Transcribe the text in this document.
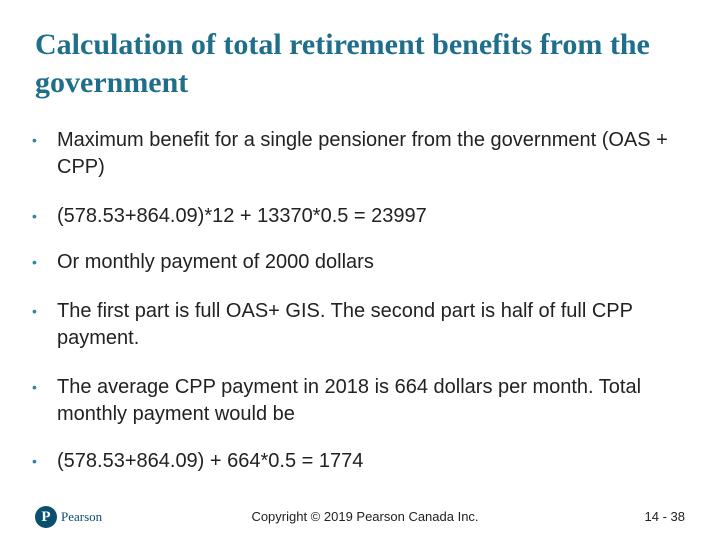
Calculation of total retirement benefits from the government
• Maximum benefit for a single pensioner from the government (OAS + CPP)
• (578.53+864.09)*12 + 13370*0.5 = 23997
• Or monthly payment of 2000 dollars
• The first part is full OAS+ GIS. The second part is half of full CPP payment.
• The average CPP payment in 2018 is 664 dollars per month. Total monthly payment would be
• (578.53+864.09) + 664*0.5 = 1774
P Pearson	Copyright © 2019 Pearson Canada Inc.	14 - 38
